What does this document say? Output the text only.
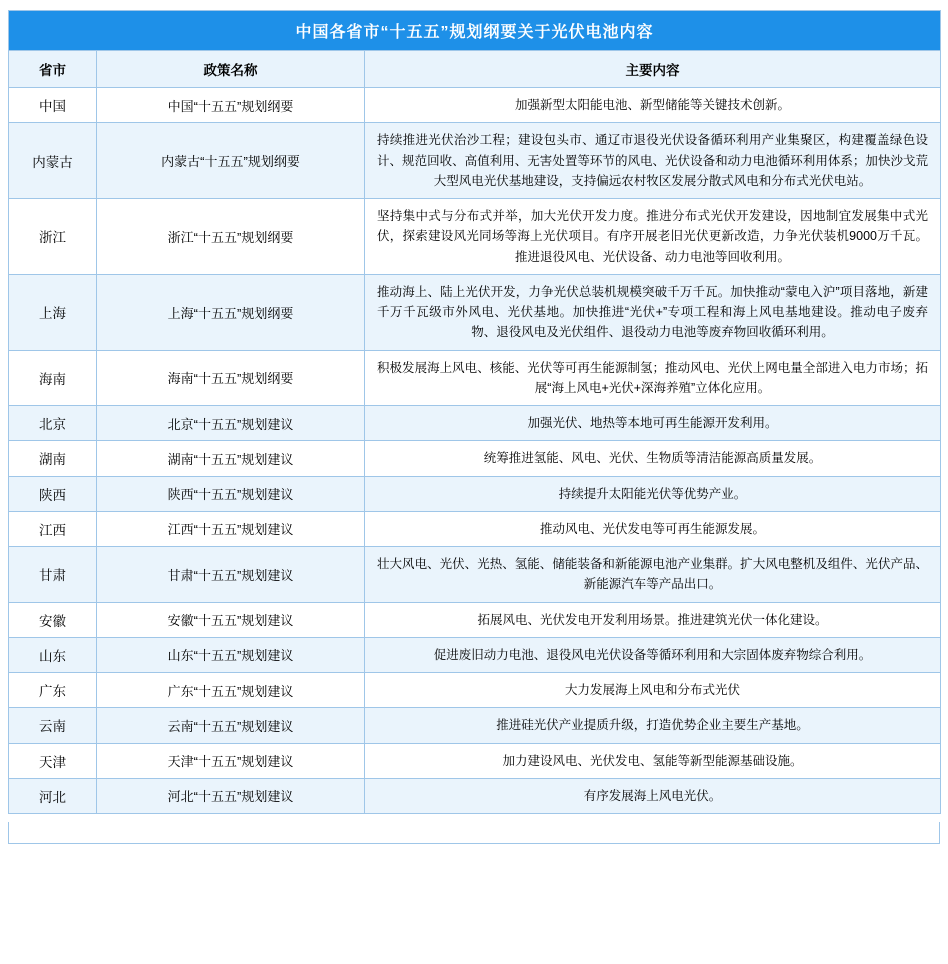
中国各省市“十五五”规划纲要关于光伏电池内容		
省市	政策名称	主要内容
中国	中国“十五五”规划纲要	加强新型太阳能电池、新型储能等关键技术创新。
内蒙古	内蒙古“十五五”规划纲要	持续推进光伏治沙工程；建设包头市、通辽市退役光伏设备循环利用产业集聚区，构建覆盖绿色设计、规范回收、高值利用、无害处置等环节的风电、光伏设备和动力电池循环利用体系；加快沙戈荒大型风电光伏基地建设，支持偏远农村牧区发展分散式风电和分布式光伏电站。
浙江	浙江“十五五”规划纲要	坚持集中式与分布式并举，加大光伏开发力度。推进分布式光伏开发建设，因地制宜发展集中式光伏，探索建设风光同场等海上光伏项目。有序开展老旧光伏更新改造，力争光伏装机9000万千瓦。推进退役风电、光伏设备、动力电池等回收利用。
上海	上海“十五五”规划纲要	推动海上、陆上光伏开发，力争光伏总装机规模突破千万千瓦。加快推动“蒙电入沪”项目落地，新建千万千瓦级市外风电、光伏基地。加快推进“光伏+”专项工程和海上风电基地建设。推动电子废弃物、退役风电及光伏组件、退役动力电池等废弃物回收循环利用。
海南	海南“十五五”规划纲要	积极发展海上风电、核能、光伏等可再生能源制氢；推动风电、光伏上网电量全部进入电力市场；拓展“海上风电+光伏+深海养殖”立体化应用。
北京	北京“十五五”规划建议	加强光伏、地热等本地可再生能源开发利用。
湖南	湖南“十五五”规划建议	统筹推进氢能、风电、光伏、生物质等清洁能源高质量发展。
陕西	陕西“十五五”规划建议	持续提升太阳能光伏等优势产业。
江西	江西“十五五”规划建议	推动风电、光伏发电等可再生能源发展。
甘肃	甘肃“十五五”规划建议	壮大风电、光伏、光热、氢能、储能装备和新能源电池产业集群。扩大风电整机及组件、光伏产品、新能源汽车等产品出口。
安徽	安徽“十五五”规划建议	拓展风电、光伏发电开发利用场景。推进建筑光伏一体化建设。
山东	山东“十五五”规划建议	促进废旧动力电池、退役风电光伏设备等循环利用和大宗固体废弃物综合利用。
广东	广东“十五五”规划建议	大力发展海上风电和分布式光伏
云南	云南“十五五”规划建议	推进硅光伏产业提质升级，打造优势企业主要生产基地。
天津	天津“十五五”规划建议	加力建设风电、光伏发电、氢能等新型能源基础设施。
河北	河北“十五五”规划建议	有序发展海上风电光伏。
